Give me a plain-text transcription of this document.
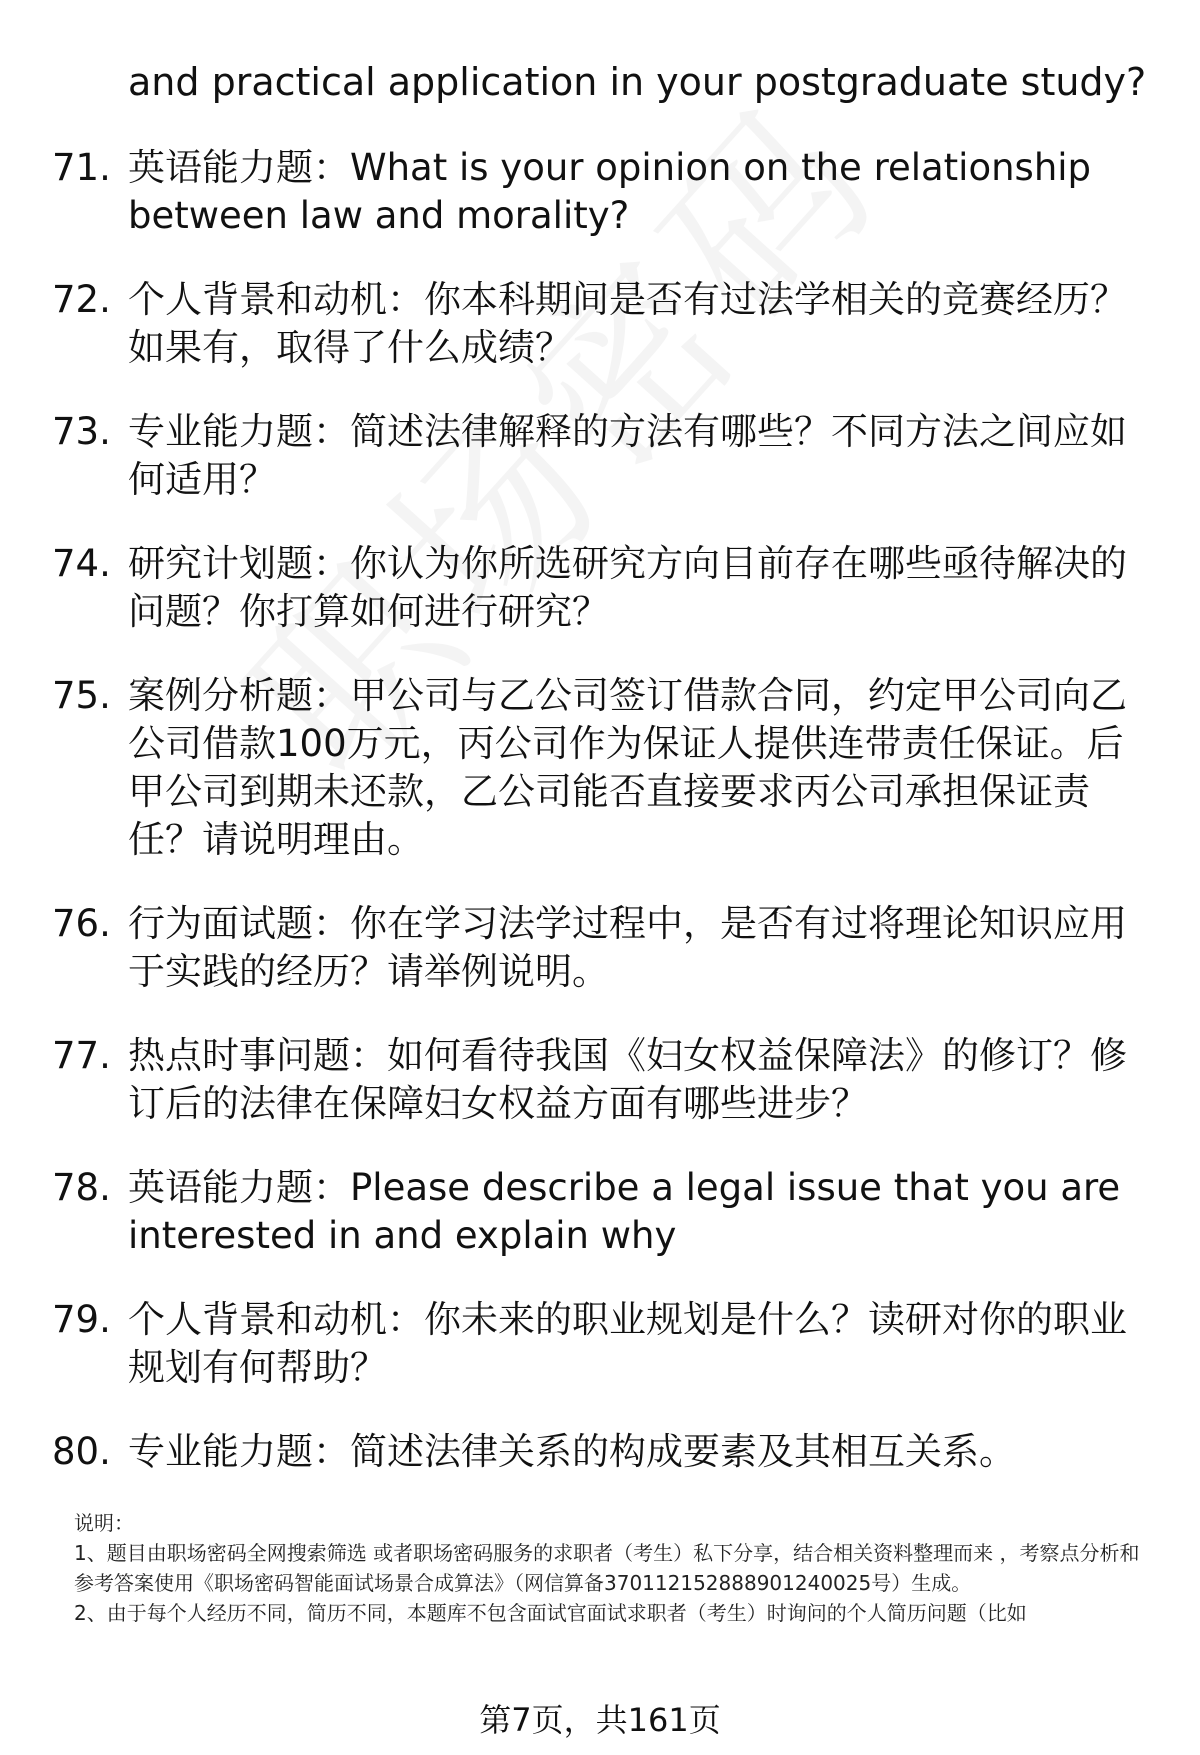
and practical application in your postgraduate study?
71. 英语能力题：What is your opinion on the relationship between law and morality?
72. 个人背景和动机：你本科期间是否有过法学相关的竞赛经历？如果有，取得了什么成绩？
73. 专业能力题：简述法律解释的方法有哪些？不同方法之间应如何适用？
74. 研究计划题：你认为你所选研究方向目前存在哪些亟待解决的问题？你打算如何进行研究？
75. 案例分析题：甲公司与乙公司签订借款合同，约定甲公司向乙公司借款100万元，丙公司作为保证人提供连带责任保证。后甲公司到期未还款，乙公司能否直接要求丙公司承担保证责任？请说明理由。
76. 行为面试题：你在学习法学过程中，是否有过将理论知识应用于实践的经历？请举例说明。
77. 热点时事问题：如何看待我国《妇女权益保障法》的修订？修订后的法律在保障妇女权益方面有哪些进步？
78. 英语能力题：Please describe a legal issue that you are interested in and explain why
79. 个人背景和动机：你未来的职业规划是什么？读研对你的职业规划有何帮助？
80. 专业能力题：简述法律关系的构成要素及其相互关系。

说明：

1、题目由职场密码全网搜索筛选 或者职场密码服务的求职者（考生）私下分享，结合相关资料整理而来 ，考察点分析和参考答案使用《职场密码智能面试场景合成算法》（网信算备370112152888901240025号）生成。

2、由于每个人经历不同，简历不同，本题库不包含面试官面试求职者（考生）时询问的个人简历问题（比如

第7页，共161页
